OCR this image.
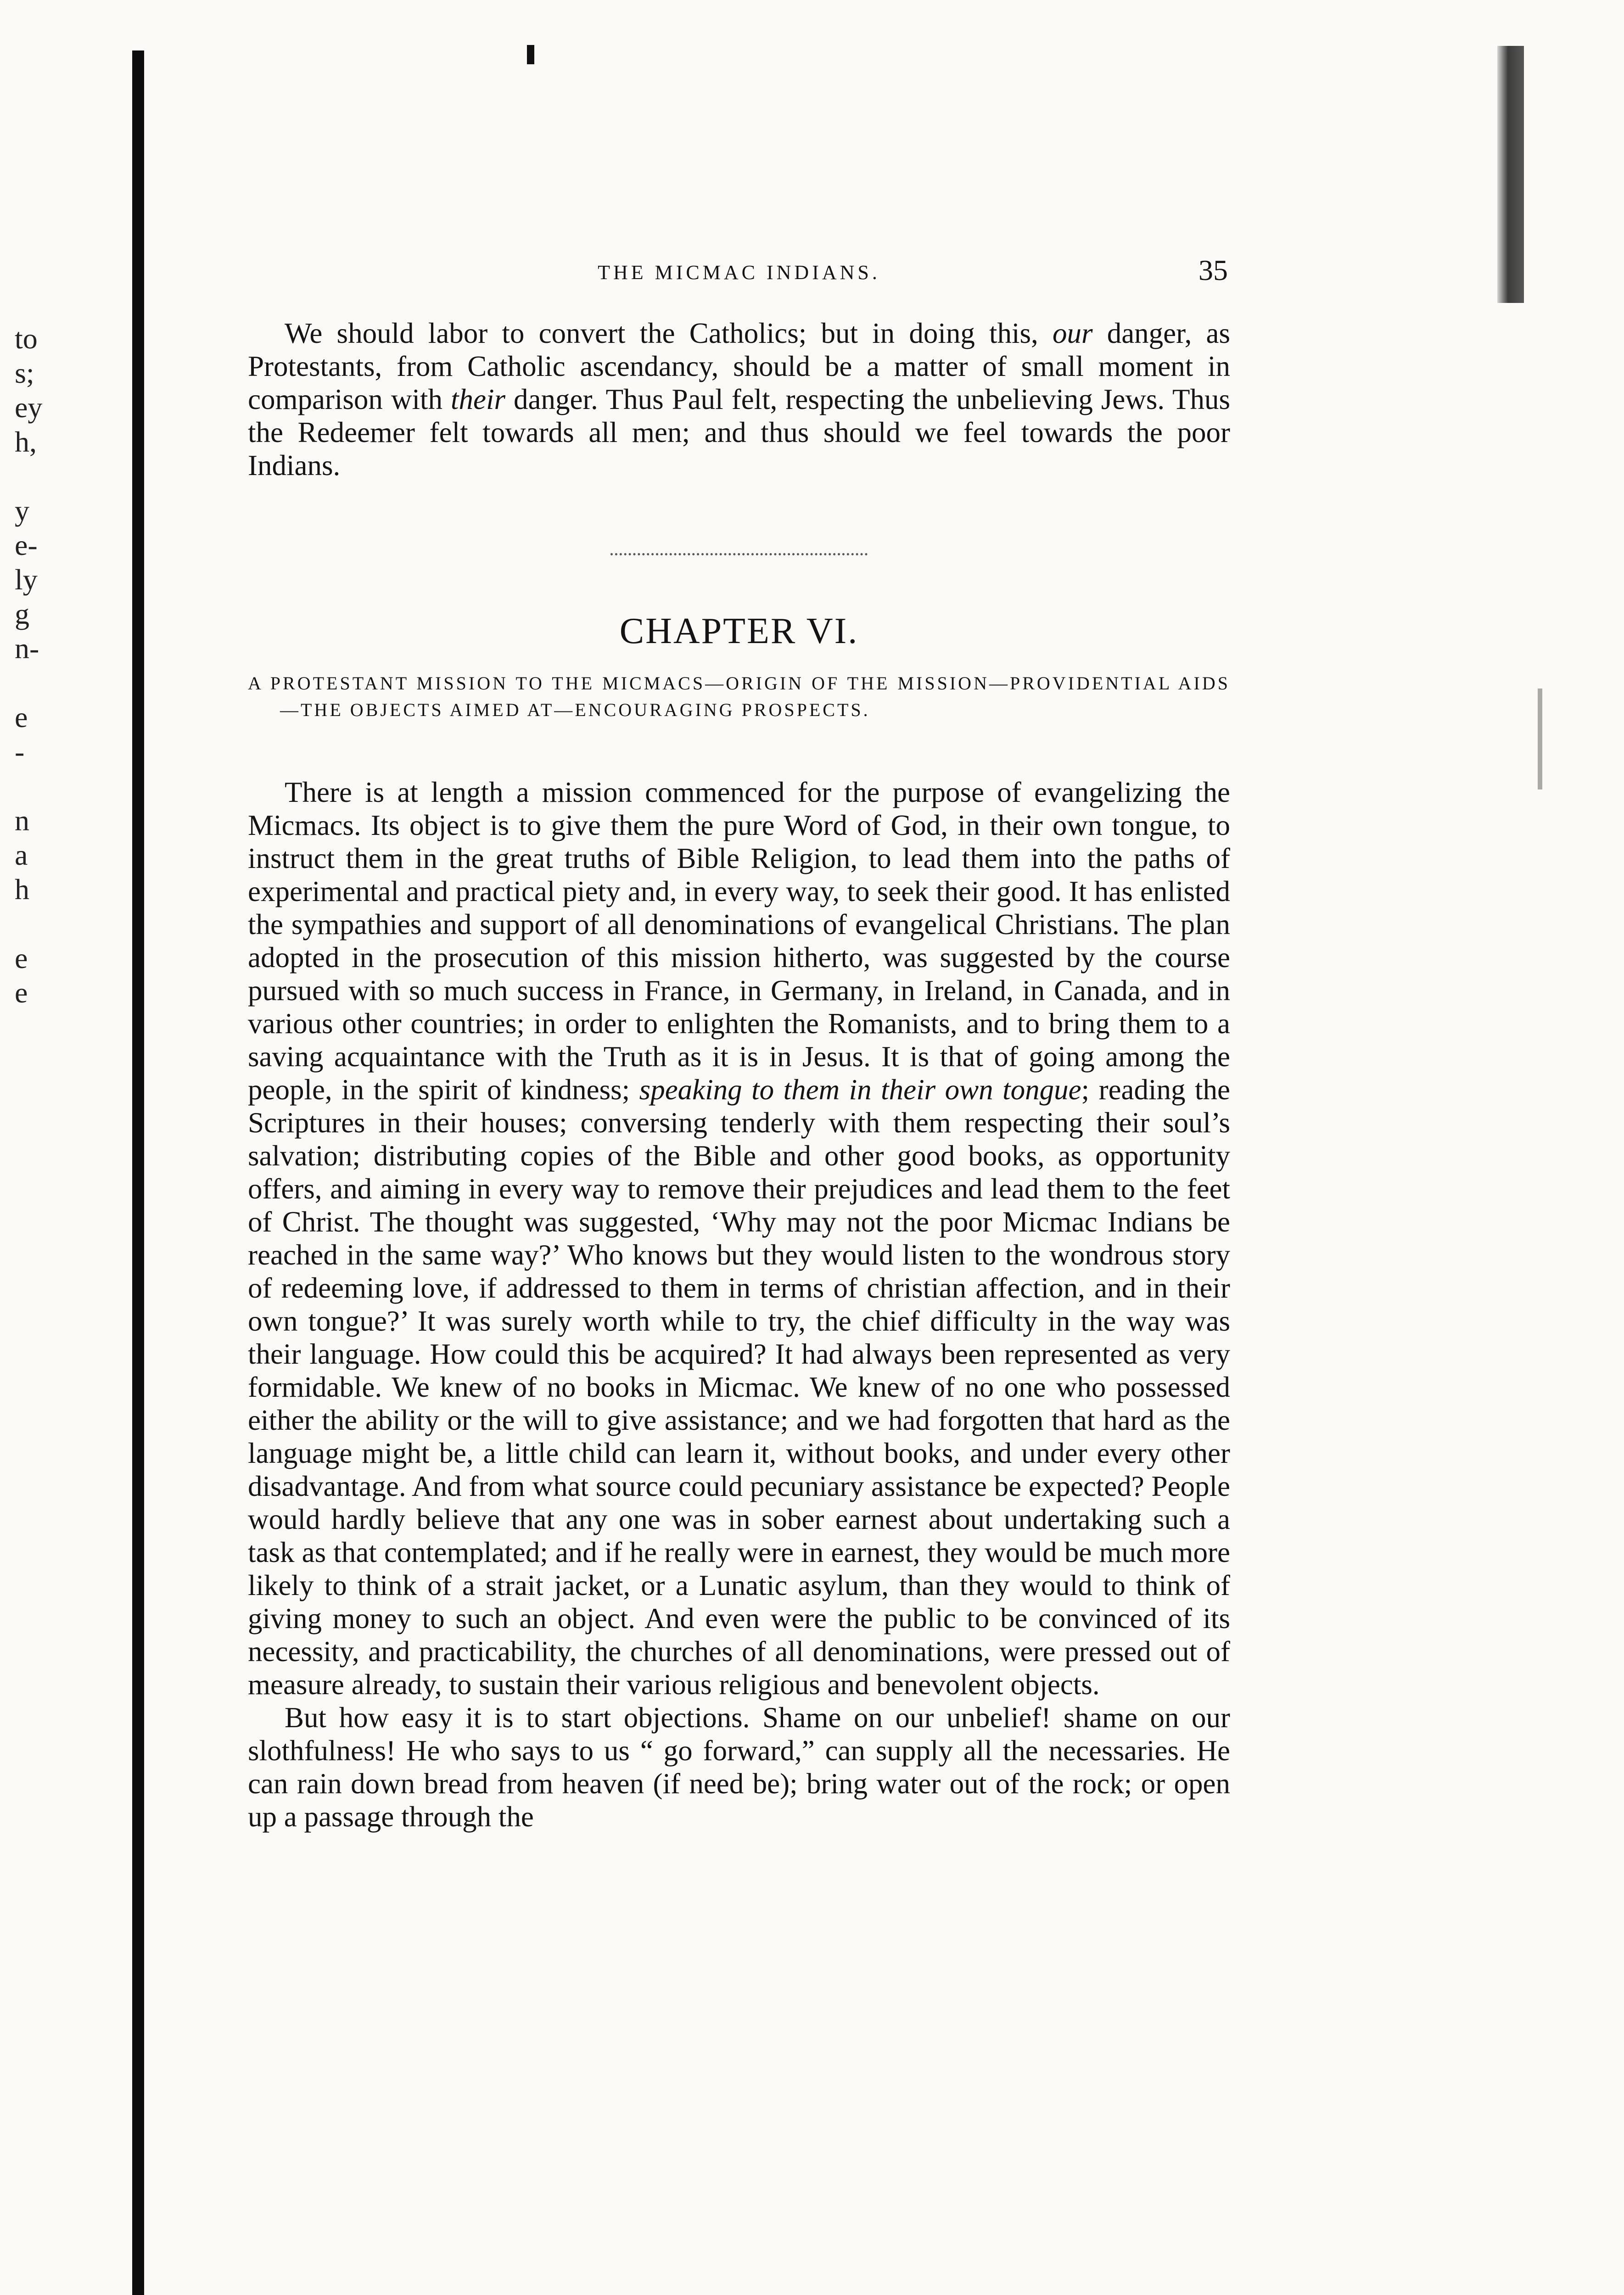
to
s;
ey
h,
y
e-
ly
g
n-
e
-
n
a
h
e
e
THE MICMAC INDIANS.	35

We should labor to convert the Catholics; but in doing this, our danger, as Protestants, from Catholic ascendancy, should be a matter of small moment in comparison with their danger. Thus Paul felt, respecting the unbelieving Jews. Thus the Redeemer felt towards all men; and thus should we feel towards the poor Indians.

CHAPTER VI.
A PROTESTANT MISSION TO THE MICMACS—ORIGIN OF THE MISSION—PROVIDENTIAL AIDS—THE OBJECTS AIMED AT—ENCOURAGING PROSPECTS.

There is at length a mission commenced for the purpose of evangelizing the Micmacs. Its object is to give them the pure Word of God, in their own tongue, to instruct them in the great truths of Bible Religion, to lead them into the paths of experimental and practical piety and, in every way, to seek their good. It has enlisted the sympathies and support of all denominations of evangelical Christians. The plan adopted in the prosecution of this mission hitherto, was suggested by the course pursued with so much success in France, in Germany, in Ireland, in Canada, and in various other countries; in order to enlighten the Romanists, and to bring them to a saving acquaintance with the Truth as it is in Jesus. It is that of going among the people, in the spirit of kindness; speaking to them in their own tongue; reading the Scriptures in their houses; conversing tenderly with them respecting their soul’s salvation; distributing copies of the Bible and other good books, as opportunity offers, and aiming in every way to remove their prejudices and lead them to the feet of Christ. The thought was suggested, ‘Why may not the poor Micmac Indians be reached in the same way?’ Who knows but they would listen to the wondrous story of redeeming love, if addressed to them in terms of christian affection, and in their own tongue?’ It was surely worth while to try, the chief difficulty in the way was their language. How could this be acquired? It had always been represented as very formidable. We knew of no books in Micmac. We knew of no one who possessed either the ability or the will to give assistance; and we had forgotten that hard as the language might be, a little child can learn it, without books, and under every other disadvantage. And from what source could pecuniary assistance be expected? People would hardly believe that any one was in sober earnest about undertaking such a task as that contemplated; and if he really were in earnest, they would be much more likely to think of a strait jacket, or a Lunatic asylum, than they would to think of giving money to such an object. And even were the public to be convinced of its necessity, and practicability, the churches of all denominations, were pressed out of measure already, to sustain their various religious and benevolent objects.

But how easy it is to start objections. Shame on our unbelief! shame on our slothfulness! He who says to us “ go forward,” can supply all the necessaries. He can rain down bread from heaven (if need be); bring water out of the rock; or open up a passage through the
